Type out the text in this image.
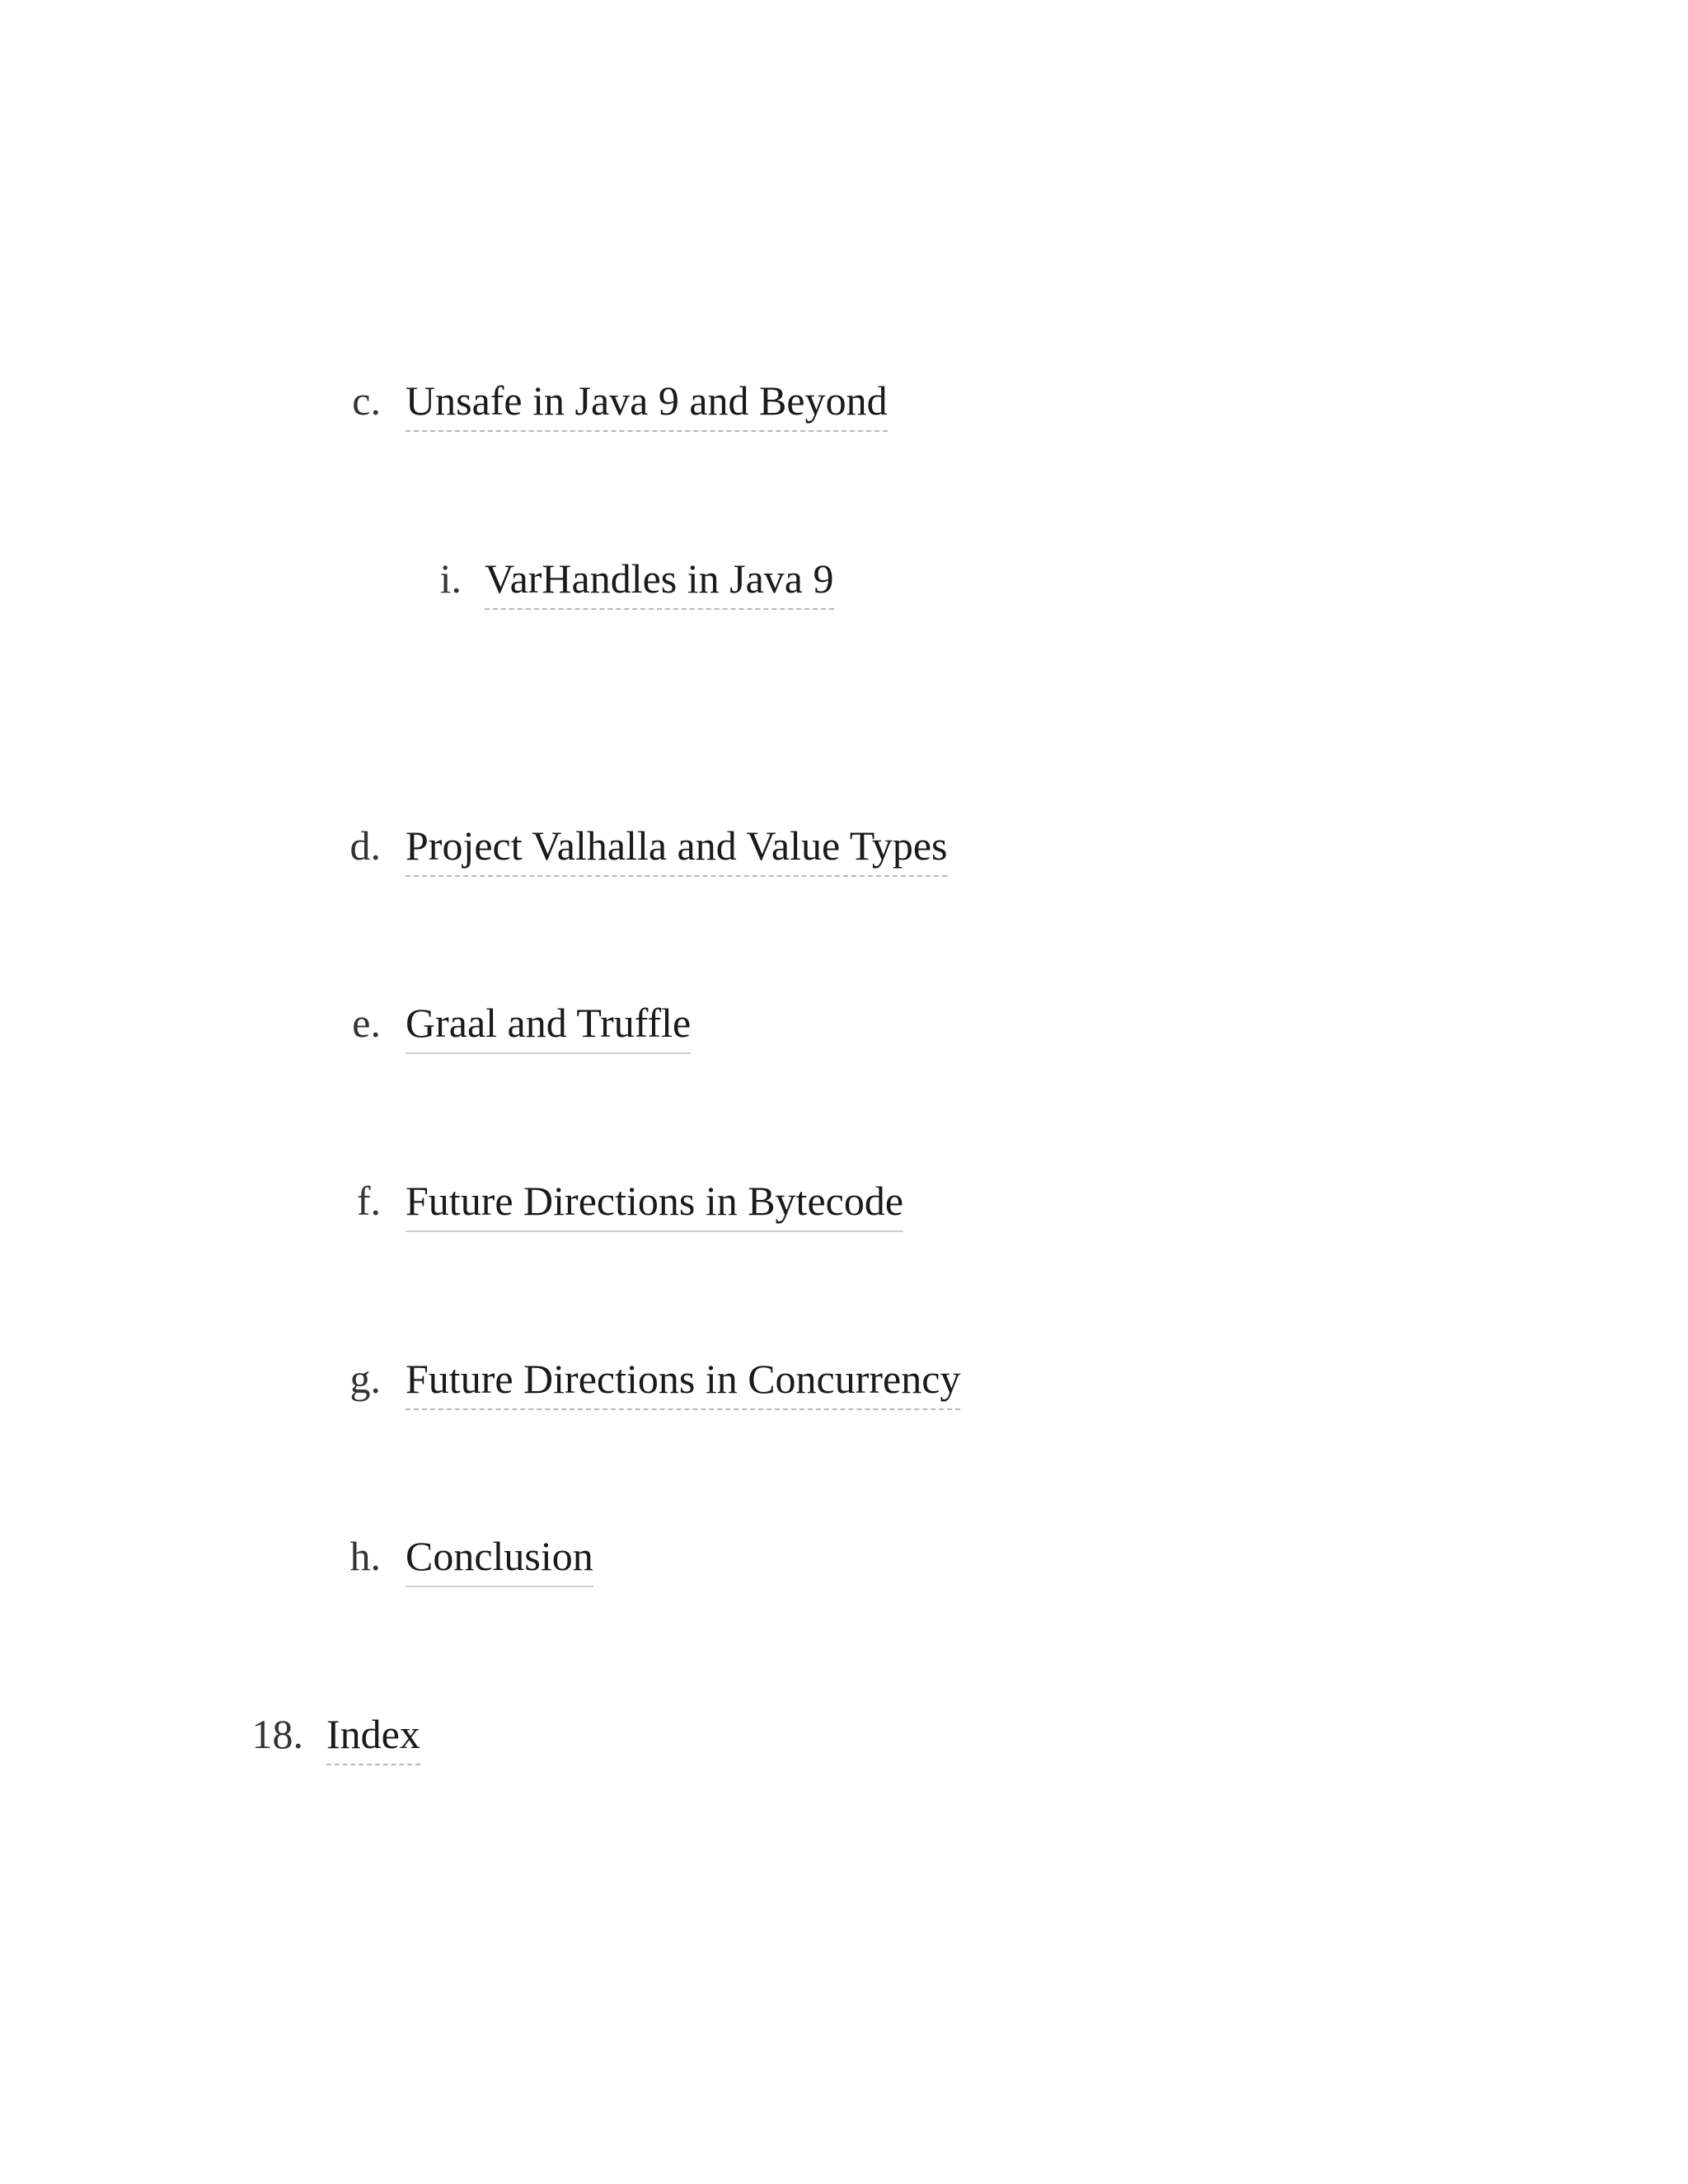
c. Unsafe in Java 9 and Beyond
i. VarHandles in Java 9
d. Project Valhalla and Value Types
e. Graal and Truffle
f. Future Directions in Bytecode
g. Future Directions in Concurrency
h. Conclusion
18. Index
